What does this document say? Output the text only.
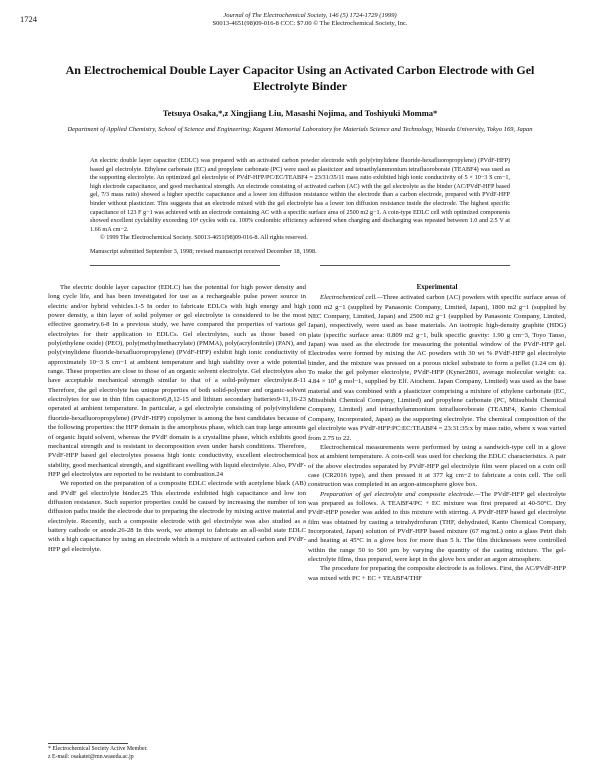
1724	Journal of The Electrochemical Society, 146 (5) 1724-1729 (1999)
S0013-4651(98)09-016-8 CCC: $7.00 © The Electrochemical Society, Inc.
An Electrochemical Double Layer Capacitor Using an Activated Carbon Electrode with Gel Electrolyte Binder
Tetsuya Osaka,*,z Xingjiang Liu, Masashi Nojima, and Toshiyuki Momma*
Department of Applied Chemistry, School of Science and Engineering; Kagami Memorial Laboratory for Materials Science and Technology, Waseda University, Tokyo 169, Japan

An electric double layer capacitor (EDLC) was prepared with an activated carbon powder electrode with poly(vinylidene fluoride-hexafluoropropylene) (PVdF-HFP) based gel electrolyte. Ethylene carbonate (EC) and propylene carbonate (PC) were used as plasticizer and tetraethylammonium tetrafluoroborate (TEABF4) was used as the supporting electrolyte. An optimized gel electrolyte of PVdF-HFP/PC/EC/TEABF4 = 23/31/35/11 mass ratio exhibited high ionic conductivity of 5 × 10−3 S cm−1, high electrode capacitance, and good mechanical strength. An electrode consisting of activated carbon (AC) with the gel electrolyte as the binder (AC/PVdF-HFP based gel, 7/3 mass ratio) showed a higher specific capacitance and a lower ion diffusion resistance within the electrode than a carbon electrode, prepared with PVdF-HFP binder without plasticizer. This suggests that an electrode mixed with the gel electrolyte has a lower ion diffusion resistance inside the electrode. The highest specific capacitance of 123 F g−1 was achieved with an electrode containing AC with a specific surface area of 2500 m2 g−1. A coin-type EDLC cell with optimized components showed excellent cyclability exceeding 10⁴ cycles with ca. 100% coulombic efficiency achieved when charging and discharging was repeated between 1.0 and 2.5 V at 1.66 mA cm−2.

© 1999 The Electrochemical Society. S0013-4651(98)09-016-8. All rights reserved.

Manuscript submitted September 3, 1998; revised manuscript received December 18, 1998.

The electric double layer capacitor (EDLC) has the potential for high power density and long cycle life, and has been investigated for use as a rechargeable pulse power source in electric and/or hybrid vehicles.1-5 In order to fabricate EDLCs with high energy and high power density, a thin layer of solid polymer or gel electrolyte is considered to be the most effective geometry.6-8 In a previous study, we have compared the properties of various gel electrolytes for their application to EDLCs. Gel electrolytes, such as those based on poly(ethylene oxide) (PEO), poly(methylmethacrylate) (PMMA), poly(acrylonitrile) (PAN), and poly(vinylidene fluoride-hexafluoropropylene) (PVdF-HFP) exhibit high ionic conductivity of approximately 10−3 S cm−1 at ambient temperature and high stability over a wide potential range. These properties are close to those of an organic solvent electrolyte. Gel electrolytes also have acceptable mechanical strength similar to that of a solid-polymer electrolyte.8-11 Therefore, the gel electrolyte has unique properties of both solid-polymer and organic-solvent electrolytes for use in thin film capacitors6,8,12-15 and lithium secondary batteries9-11,16-23 operated at ambient temperature. In particular, a gel electrolyte consisting of poly(vinylidene fluoride-hexafluoropropylene) (PVdF-HFP) copolymer is among the best candidates because of the following properties: the HFP domain is the amorphous phase, which can trap large amounts of organic liquid solvent, whereas the PVdF domain is a crystalline phase, which exhibits good mechanical strength and is resistant to decomposition even under harsh conditions. Therefore, PVdF-HFP based gel electrolytes possess high ionic conductivity, excellent electrochemical stability, good mechanical strength, and significant swelling with liquid electrolyte. Also, PVdF-HFP gel electrolytes are reported to be resistant to combustion.24

We reported on the preparation of a composite EDLC electrode with acetylene black (AB) and PVdF gel electrolyte binder.25 This electrode exhibited high capacitance and low ion diffusion resistance. Such superior properties could be caused by increasing the number of ion diffusion paths inside the electrode due to preparing the electrode by mixing active material and electrolyte. Recently, such a composite electrode with gel electrolyte was also studied as a battery cathode or anode.26-28 In this work, we attempt to fabricate an all-solid state EDLC with a high capacitance by using an electrode which is a mixture of activated carbon and PVdF-HFP gel electrolyte.

Experimental

Electrochemical cell.—Three activated carbon (AC) powders with specific surface areas of 1000 m2 g−1 (supplied by Panasonic Company, Limited, Japan), 1800 m2 g−1 (supplied by NEC Company, Limited, Japan) and 2500 m2 g−1 (supplied by Panasonic Company, Limited, Japan), respectively, were used as base materials. An isotropic high-density graphite (HDG) plate (specific surface area: 0.809 m2 g−1, bulk specific gravity: 1.90 g cm−3, Toyo Tanso, Japan) was used as the electrode for measuring the potential window of the PVdF-HFP gel. Electrodes were formed by mixing the AC powders with 30 wt % PVdF-HFP gel electrolyte binder, and the mixture was pressed on a porous nickel substrate to form a pellet (1.24 cm ϕ). To make the gel polymer electrolyte, PVdF-HFP (Kyner2801, average molecular weight: ca. 4.84 × 10⁵ g mol−1, supplied by Elf. Atochem. Japan Company, Limited) was used as the base material and was combined with a plasticizer comprising a mixture of ethylene carbonate (EC, Mitsubishi Chemical Company, Limited) and propylene carbonate (PC, Mitsubishi Chemical Company, Limited) and tetraethylammonium tetrafluoroborate (TEABF4, Kanto Chemical Company, Incorporated, Japan) as the supporting electrolyte. The chemical composition of the gel electrolyte was PVdF-HFP:PC:EC:TEABF4 = 23:31:35:x by mass ratio, where x was varied from 2.75 to 22.

Electrochemical measurements were performed by using a sandwich-type cell in a glove box at ambient temperature. A coin-cell was used for checking the EDLC characteristics. A pair of the above electrodes separated by PVdF-HFP gel electrolyte film were placed on a coin cell case (CR2016 type), and then pressed it at 377 kg cm−2 to fabricate a coin cell. The cell construction was completed in an argon-atmosphere glove box.

Preparation of gel electrolyte and composite electrode.—The PVdF-HFP gel electrolyte was prepared as follows. A TEABF4/PC + EC mixture was first prepared at 40-50°C. Dry PVdF-HFP powder was added to this mixture with stirring. A PVdF-HFP based gel electrolyte film was obtained by casting a tetrahydrofuran (THF, dehydrated, Kanto Chemical Company, Incorporated, Japan) solution of PVdF-HFP based mixture (67 mg/mL) onto a glass Petri dish and heating at 45°C in a glove box for more than 5 h. The film thicknesses were controlled within the range 50 to 500 μm by varying the quantity of the casting mixture. The gel-electrolyte films, thus prepared, were kept in the glove box under an argon atmosphere.

The procedure for preparing the composite electrode is as follows. First, the AC/PVdF-HFP was mixed with PC + EC + TEABF4/THF

* Electrochemical Society Active Member.
z E-mail: osakatet@mn.waseda.ac.jp
